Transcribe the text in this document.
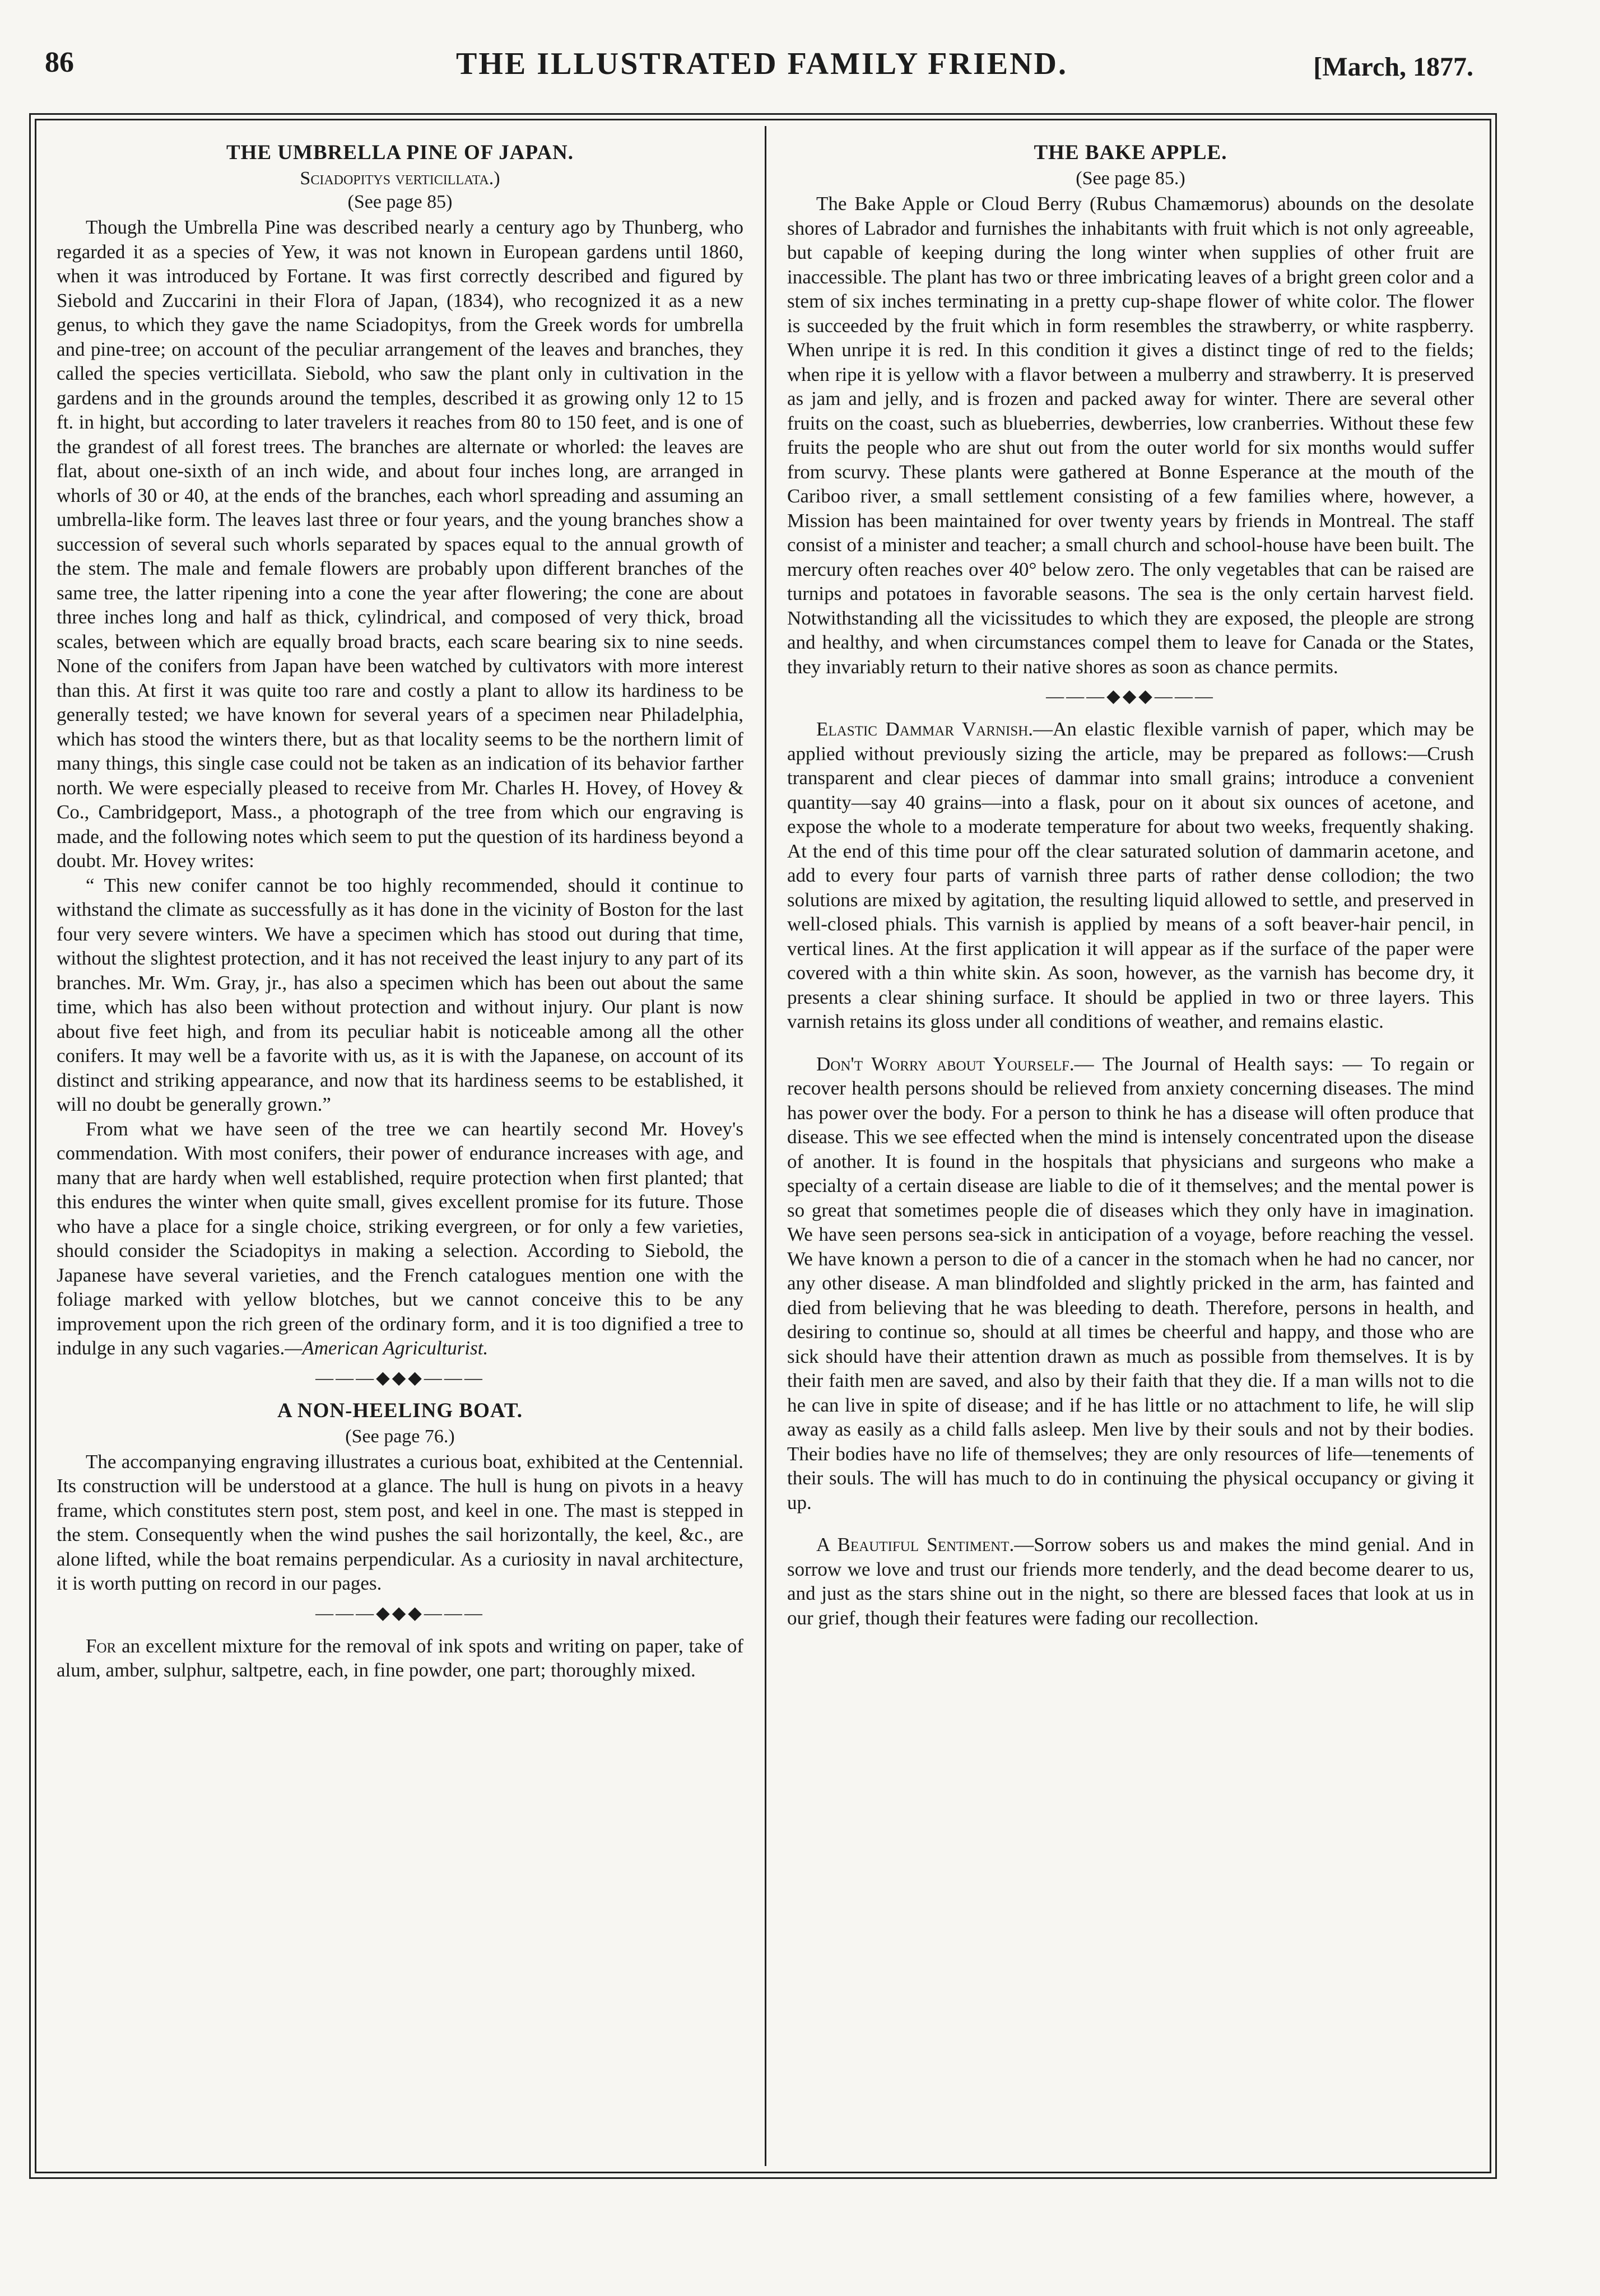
86	THE ILLUSTRATED FAMILY FRIEND.	[March, 1877.
THE UMBRELLA PINE OF JAPAN.
Sciadopitys verticillata.)
(See page 85)

Though the Umbrella Pine was described nearly a century ago by Thunberg, who regarded it as a species of Yew, it was not known in European gardens until 1860, when it was introduced by Fortane. It was first correctly described and figured by Siebold and Zuccarini in their Flora of Japan, (1834), who recognized it as a new genus, to which they gave the name Sciadopitys, from the Greek words for umbrella and pine-tree; on account of the peculiar arrangement of the leaves and branches, they called the species verticillata. Siebold, who saw the plant only in cultivation in the gardens and in the grounds around the temples, described it as growing only 12 to 15 ft. in hight, but according to later travelers it reaches from 80 to 150 feet, and is one of the grandest of all forest trees. The branches are alternate or whorled: the leaves are flat, about one-sixth of an inch wide, and about four inches long, are arranged in whorls of 30 or 40, at the ends of the branches, each whorl spreading and assuming an umbrella-like form. The leaves last three or four years, and the young branches show a succession of several such whorls separated by spaces equal to the annual growth of the stem. The male and female flowers are probably upon different branches of the same tree, the latter ripening into a cone the year after flowering; the cone are about three inches long and half as thick, cylindrical, and composed of very thick, broad scales, between which are equally broad bracts, each scare bearing six to nine seeds. None of the conifers from Japan have been watched by cultivators with more interest than this. At first it was quite too rare and costly a plant to allow its hardiness to be generally tested; we have known for several years of a specimen near Philadelphia, which has stood the winters there, but as that locality seems to be the northern limit of many things, this single case could not be taken as an indication of its behavior farther north. We were especially pleased to receive from Mr. Charles H. Hovey, of Hovey & Co., Cambridgeport, Mass., a photograph of the tree from which our engraving is made, and the following notes which seem to put the question of its hardiness beyond a doubt. Mr. Hovey writes:

“ This new conifer cannot be too highly recommended, should it continue to withstand the climate as successfully as it has done in the vicinity of Boston for the last four very severe winters. We have a specimen which has stood out during that time, without the slightest protection, and it has not received the least injury to any part of its branches. Mr. Wm. Gray, jr., has also a specimen which has been out about the same time, which has also been without protection and without injury. Our plant is now about five feet high, and from its peculiar habit is noticeable among all the other conifers. It may well be a favorite with us, as it is with the Japanese, on account of its distinct and striking appearance, and now that its hardiness seems to be established, it will no doubt be generally grown.”

From what we have seen of the tree we can heartily second Mr. Hovey's commendation. With most conifers, their power of endurance increases with age, and many that are hardy when well established, require protection when first planted; that this endures the winter when quite small, gives excellent promise for its future. Those who have a place for a single choice, striking evergreen, or for only a few varieties, should consider the Sciadopitys in making a selection. According to Siebold, the Japanese have several varieties, and the French catalogues mention one with the foliage marked with yellow blotches, but we cannot conceive this to be any improvement upon the rich green of the ordinary form, and it is too dignified a tree to indulge in any such vagaries.—American Agriculturist.

———◆◆◆———
A NON-HEELING BOAT.
(See page 76.)

The accompanying engraving illustrates a curious boat, exhibited at the Centennial. Its construction will be understood at a glance. The hull is hung on pivots in a heavy frame, which constitutes stern post, stem post, and keel in one. The mast is stepped in the stem. Consequently when the wind pushes the sail horizontally, the keel, &c., are alone lifted, while the boat remains perpendicular. As a curiosity in naval architecture, it is worth putting on record in our pages.

———◆◆◆———

For an excellent mixture for the removal of ink spots and writing on paper, take of alum, amber, sulphur, saltpetre, each, in fine powder, one part; thoroughly mixed.

THE BAKE APPLE.
(See page 85.)

The Bake Apple or Cloud Berry (Rubus Chamæmorus) abounds on the desolate shores of Labrador and furnishes the inhabitants with fruit which is not only agreeable, but capable of keeping during the long winter when supplies of other fruit are inaccessible. The plant has two or three imbricating leaves of a bright green color and a stem of six inches terminating in a pretty cup-shape flower of white color. The flower is succeeded by the fruit which in form resembles the strawberry, or white raspberry. When unripe it is red. In this condition it gives a distinct tinge of red to the fields; when ripe it is yellow with a flavor between a mulberry and strawberry. It is preserved as jam and jelly, and is frozen and packed away for winter. There are several other fruits on the coast, such as blueberries, dewberries, low cranberries. Without these few fruits the people who are shut out from the outer world for six months would suffer from scurvy. These plants were gathered at Bonne Esperance at the mouth of the Cariboo river, a small settlement consisting of a few families where, however, a Mission has been maintained for over twenty years by friends in Montreal. The staff consist of a minister and teacher; a small church and school-house have been built. The mercury often reaches over 40° below zero. The only vegetables that can be raised are turnips and potatoes in favorable seasons. The sea is the only certain harvest field. Notwithstanding all the vicissitudes to which they are exposed, the pleople are strong and healthy, and when circumstances compel them to leave for Canada or the States, they invariably return to their native shores as soon as chance permits.

———◆◆◆———

Elastic Dammar Varnish.—An elastic flexible varnish of paper, which may be applied without previously sizing the article, may be prepared as follows:—Crush transparent and clear pieces of dammar into small grains; introduce a convenient quantity—say 40 grains—into a flask, pour on it about six ounces of acetone, and expose the whole to a moderate temperature for about two weeks, frequently shaking. At the end of this time pour off the clear saturated solution of dammarin acetone, and add to every four parts of varnish three parts of rather dense collodion; the two solutions are mixed by agitation, the resulting liquid allowed to settle, and preserved in well-closed phials. This varnish is applied by means of a soft beaver-hair pencil, in vertical lines. At the first application it will appear as if the surface of the paper were covered with a thin white skin. As soon, however, as the varnish has become dry, it presents a clear shining surface. It should be applied in two or three layers. This varnish retains its gloss under all conditions of weather, and remains elastic.

Don't Worry about Yourself.— The Journal of Health says: — To regain or recover health persons should be relieved from anxiety concerning diseases. The mind has power over the body. For a person to think he has a disease will often produce that disease. This we see effected when the mind is intensely concentrated upon the disease of another. It is found in the hospitals that physicians and surgeons who make a specialty of a certain disease are liable to die of it themselves; and the mental power is so great that sometimes people die of diseases which they only have in imagination. We have seen persons sea-sick in anticipation of a voyage, before reaching the vessel. We have known a person to die of a cancer in the stomach when he had no cancer, nor any other disease. A man blindfolded and slightly pricked in the arm, has fainted and died from believing that he was bleeding to death. Therefore, persons in health, and desiring to continue so, should at all times be cheerful and happy, and those who are sick should have their attention drawn as much as possible from themselves. It is by their faith men are saved, and also by their faith that they die. If a man wills not to die he can live in spite of disease; and if he has little or no attachment to life, he will slip away as easily as a child falls asleep. Men live by their souls and not by their bodies. Their bodies have no life of themselves; they are only resources of life—tenements of their souls. The will has much to do in continuing the physical occupancy or giving it up.

A Beautiful Sentiment.—Sorrow sobers us and makes the mind genial. And in sorrow we love and trust our friends more tenderly, and the dead become dearer to us, and just as the stars shine out in the night, so there are blessed faces that look at us in our grief, though their features were fading our recollection.
